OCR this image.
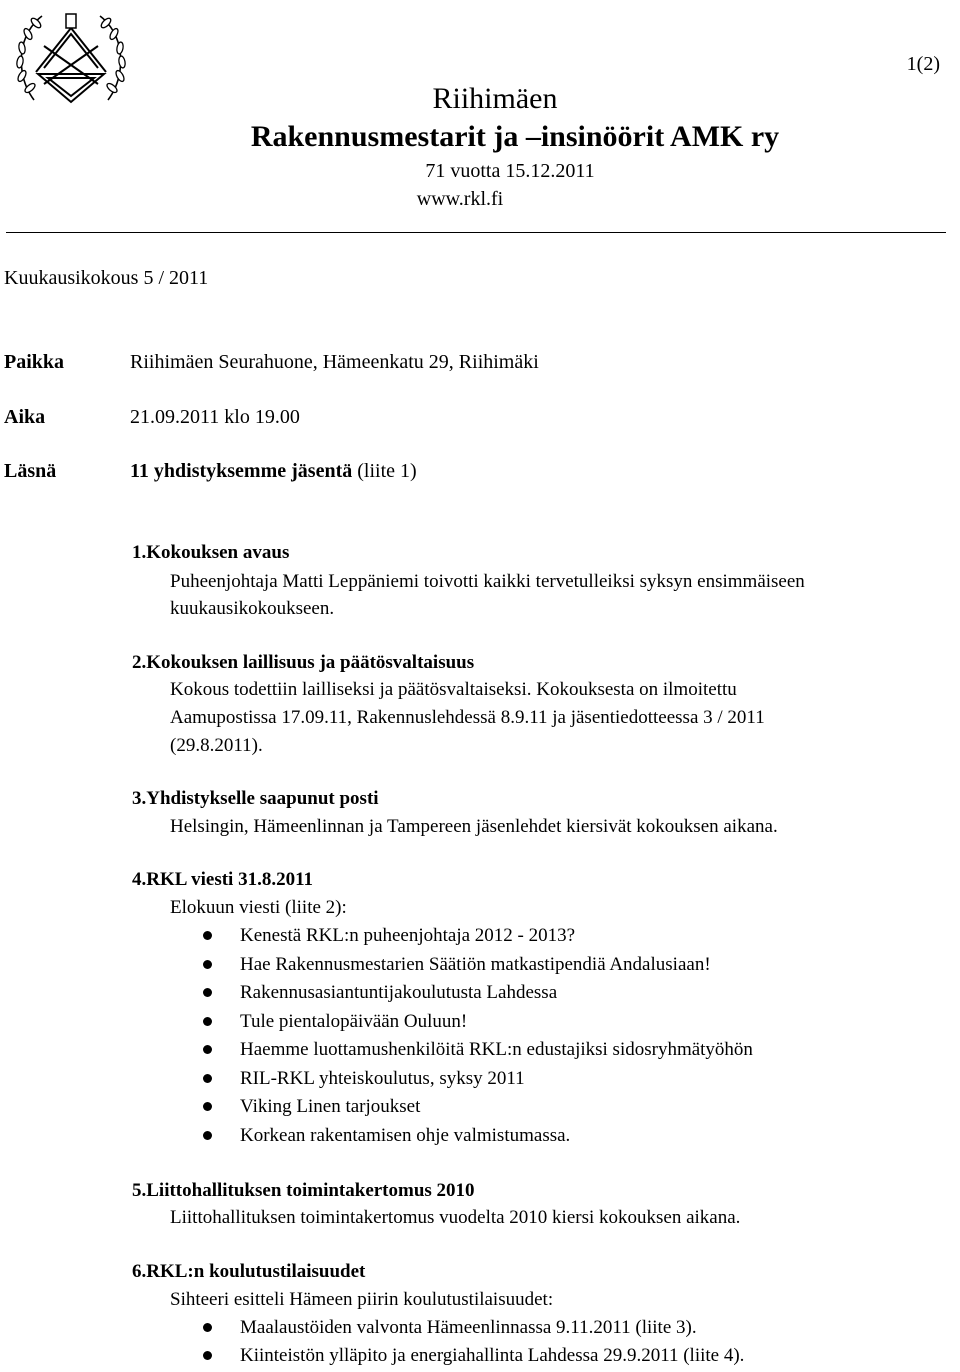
1(2)
Riihimäen
Rakennusmestarit ja –insinöörit AMK ry
71 vuotta 15.12.2011
www.rkl.fi
Kuukausikokous 5 / 2011
Paikka	Riihimäen Seurahuone, Hämeenkatu 29, Riihimäki
Aika	21.09.2011 klo 19.00
Läsnä	11 yhdistyksemme jäsentä (liite 1)
1.Kokouksen avaus
Puheenjohtaja Matti Leppäniemi toivotti kaikki tervetulleiksi syksyn ensimmäiseen
kuukausikokoukseen.
2.Kokouksen laillisuus ja päätösvaltaisuus
Kokous todettiin lailliseksi ja päätösvaltaiseksi. Kokouksesta on ilmoitettu
Aamupostissa 17.09.11, Rakennuslehdessä 8.9.11 ja jäsentiedotteessa 3 / 2011
(29.8.2011).
3.Yhdistykselle saapunut posti
Helsingin, Hämeenlinnan ja Tampereen jäsenlehdet kiersivät kokouksen aikana.
4.RKL viesti 31.8.2011
Elokuun viesti (liite 2):
Kenestä RKL:n puheenjohtaja 2012 - 2013?
Hae Rakennusmestarien Säätiön matkastipendiä Andalusiaan!
Rakennusasiantuntijakoulutusta Lahdessa
Tule pientalopäivään Ouluun!
Haemme luottamushenkilöitä RKL:n edustajiksi sidosryhmätyöhön
RIL-RKL yhteiskoulutus, syksy 2011
Viking Linen tarjoukset
Korkean rakentamisen ohje valmistumassa.
5.Liittohallituksen toimintakertomus 2010
Liittohallituksen toimintakertomus vuodelta 2010 kiersi kokouksen aikana.
6.RKL:n koulutustilaisuudet
Sihteeri esitteli Hämeen piirin koulutustilaisuudet:
Maalaustöiden valvonta Hämeenlinnassa 9.11.2011 (liite 3).
Kiinteistön ylläpito ja energiahallinta Lahdessa 29.9.2011 (liite 4).
